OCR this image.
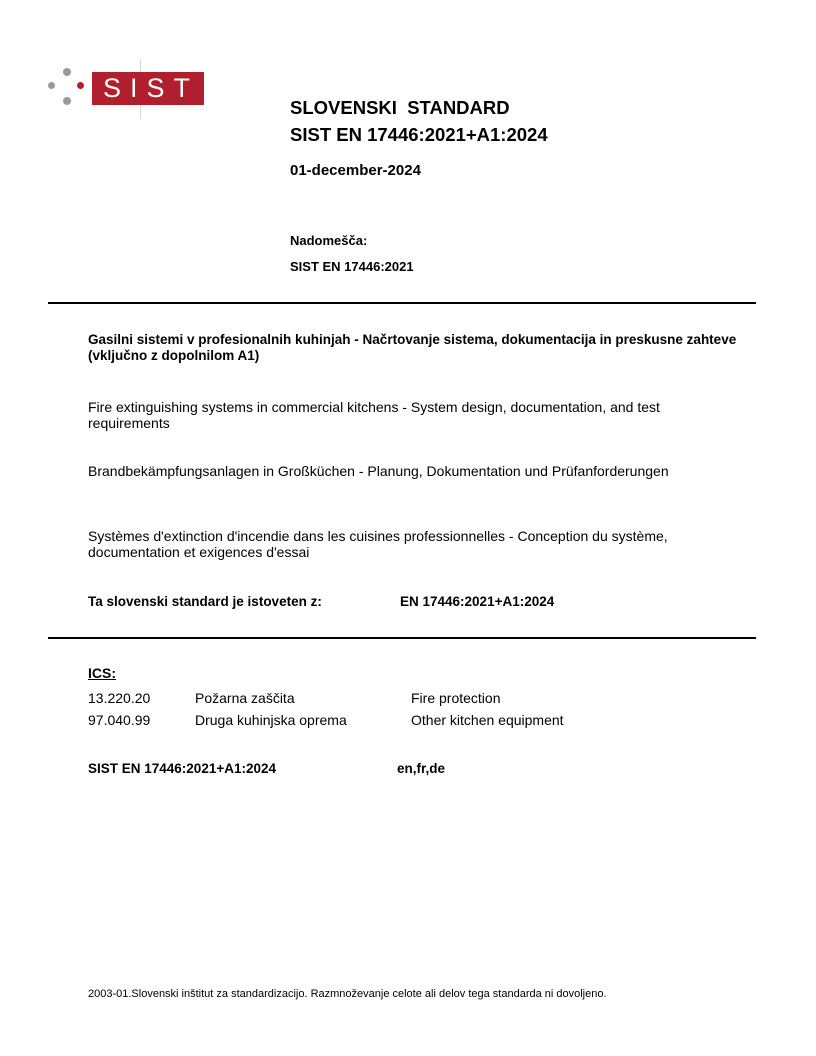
SIST
SLOVENSKI  STANDARD
SIST EN 17446:2021+A1:2024
01-december-2024
Nadomešča:
SIST EN 17446:2021
Gasilni sistemi v profesionalnih kuhinjah - Načrtovanje sistema, dokumentacija in preskusne zahteve (vključno z dopolnilom A1)
Fire extinguishing systems in commercial kitchens - System design, documentation, and test requirements
Brandbekämpfungsanlagen in Großküchen - Planung, Dokumentation und Prüfanforderungen
Systèmes d'extinction d'incendie dans les cuisines professionnelles - Conception du système, documentation et exigences d'essai
Ta slovenski standard je istoveten z:	EN 17446:2021+A1:2024
ICS:
13.220.20	Požarna zaščita	Fire protection
97.040.99	Druga kuhinjska oprema	Other kitchen equipment
SIST EN 17446:2021+A1:2024	en,fr,de
2003-01.Slovenski inštitut za standardizacijo. Razmnoževanje celote ali delov tega standarda ni dovoljeno.
